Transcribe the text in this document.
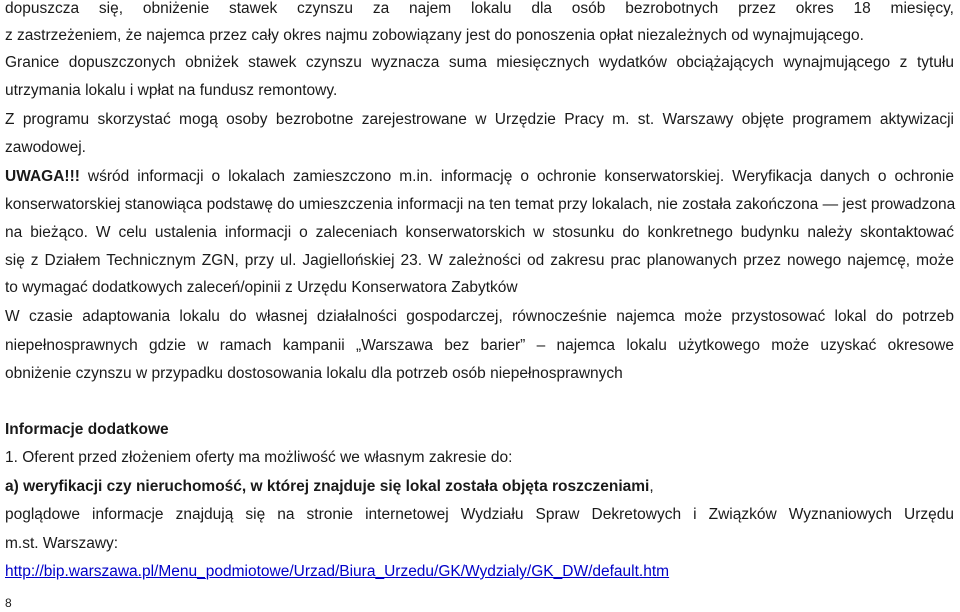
dopuszcza się, obniżenie stawek czynszu za najem lokalu dla osób bezrobotnych przez okres 18 miesięcy,
z zastrzeżeniem, że najemca przez cały okres najmu zobowiązany jest do ponoszenia opłat niezależnych od wynajmującego.
Granice dopuszczonych obniżek stawek czynszu wyznacza suma miesięcznych wydatków obciążających wynajmującego z tytułu
utrzymania lokalu i wpłat na fundusz remontowy.
Z programu skorzystać mogą osoby bezrobotne zarejestrowane w Urzędzie Pracy m. st. Warszawy objęte programem aktywizacji
zawodowej.
UWAGA!!! wśród informacji o lokalach zamieszczono m.in. informację o ochronie konserwatorskiej. Weryfikacja danych o ochronie
konserwatorskiej stanowiąca podstawę do umieszczenia informacji na ten temat przy lokalach, nie została zakończona — jest prowadzona
na bieżąco. W celu ustalenia informacji o zaleceniach konserwatorskich w stosunku do konkretnego budynku należy skontaktować
się z Działem Technicznym ZGN, przy ul. Jagiellońskiej 23. W zależności od zakresu prac planowanych przez nowego najemcę, może
to wymagać dodatkowych zaleceń/opinii z Urzędu Konserwatora Zabytków
W czasie adaptowania lokalu do własnej działalności gospodarczej, równocześnie najemca może przystosować lokal do potrzeb
niepełnosprawnych gdzie w ramach kampanii „Warszawa bez barier” – najemca lokalu użytkowego może uzyskać okresowe
obniżenie czynszu w przypadku dostosowania lokalu dla potrzeb osób niepełnosprawnych
Informacje dodatkowe
1. Oferent przed złożeniem oferty ma możliwość we własnym zakresie do:
a) weryfikacji czy nieruchomość, w której znajduje się lokal została objęta roszczeniami,
poglądowe informacje znajdują się na stronie internetowej Wydziału Spraw Dekretowych i Związków Wyznaniowych Urzędu
m.st. Warszawy:
http://bip.warszawa.pl/Menu_podmiotowe/Urzad/Biura_Urzedu/GK/Wydzialy/GK_DW/default.htm
8
